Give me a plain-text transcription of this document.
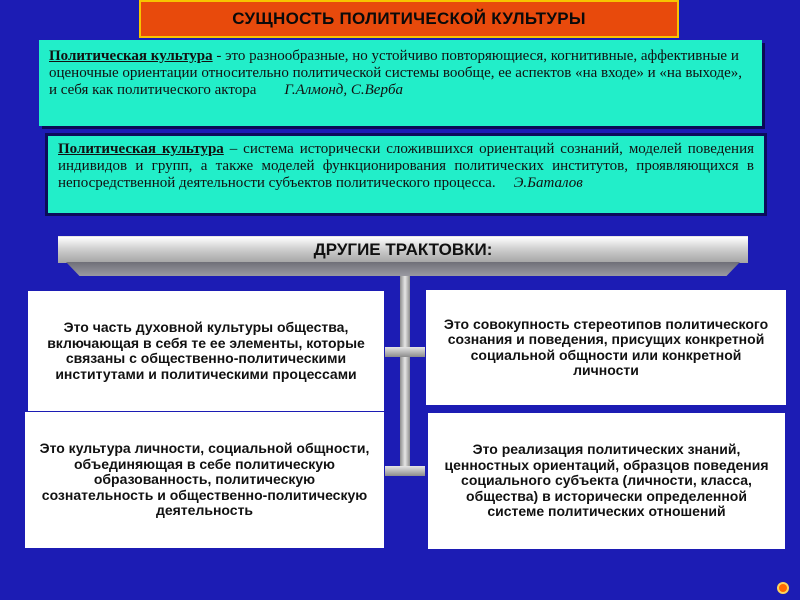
СУЩНОСТЬ ПОЛИТИЧЕСКОЙ КУЛЬТУРЫ
Политическая культура - это разнообразные, но устойчиво повторяющиеся, когнитивные, аффективные и оценочные ориентации относительно политической системы вообще, ее аспектов «на входе» и «на выходе», и себя как политического актора Г.Алмонд, С.Верба
Политическая культура – система исторически сложившихся ориентаций сознаний, моделей поведения индивидов и групп, а также моделей функционирования политических институтов, проявляющихся в непосредственной деятельности субъектов политического процесса. Э.Баталов
ДРУГИЕ ТРАКТОВКИ:
Это часть духовной культуры общества, включающая в себя те ее элементы, которые связаны с общественно-политическими институтами и политическими процессами
Это совокупность стереотипов политического сознания и поведения, присущих конкретной социальной общности или конкретной личности
Это культура личности, социальной общности, объединяющая в себе политическую образованность, политическую сознательность и общественно-политическую деятельность
Это реализация политических знаний, ценностных ориентаций, образцов поведения социального субъекта (личности, класса, общества) в исторически определенной системе политических отношений
